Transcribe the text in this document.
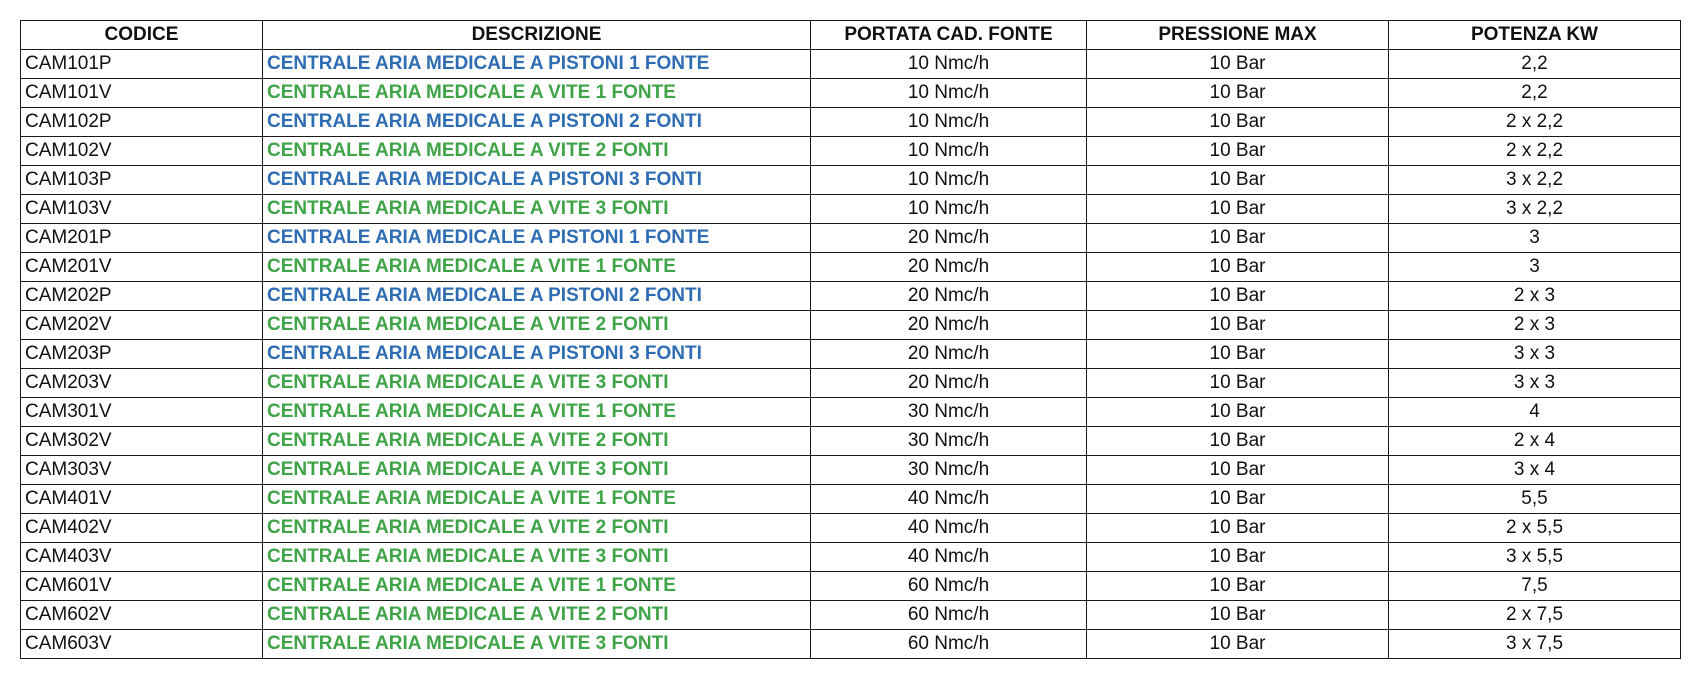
CODICE	DESCRIZIONE	PORTATA CAD. FONTE	PRESSIONE MAX	POTENZA KW
CAM101P	CENTRALE ARIA MEDICALE A PISTONI 1 FONTE	10 Nmc/h	10 Bar	2,2
CAM101V	CENTRALE ARIA MEDICALE A VITE 1 FONTE	10 Nmc/h	10 Bar	2,2
CAM102P	CENTRALE ARIA MEDICALE A PISTONI 2 FONTI	10 Nmc/h	10 Bar	2 x 2,2
CAM102V	CENTRALE ARIA MEDICALE A VITE 2 FONTI	10 Nmc/h	10 Bar	2 x 2,2
CAM103P	CENTRALE ARIA MEDICALE A PISTONI 3 FONTI	10 Nmc/h	10 Bar	3 x 2,2
CAM103V	CENTRALE ARIA MEDICALE A VITE 3 FONTI	10 Nmc/h	10 Bar	3 x 2,2
CAM201P	CENTRALE ARIA MEDICALE A PISTONI 1 FONTE	20 Nmc/h	10 Bar	3
CAM201V	CENTRALE ARIA MEDICALE A VITE 1 FONTE	20 Nmc/h	10 Bar	3
CAM202P	CENTRALE ARIA MEDICALE A PISTONI 2 FONTI	20 Nmc/h	10 Bar	2 x 3
CAM202V	CENTRALE ARIA MEDICALE A VITE 2 FONTI	20 Nmc/h	10 Bar	2 x 3
CAM203P	CENTRALE ARIA MEDICALE A PISTONI 3 FONTI	20 Nmc/h	10 Bar	3 x 3
CAM203V	CENTRALE ARIA MEDICALE A VITE 3 FONTI	20 Nmc/h	10 Bar	3 x 3
CAM301V	CENTRALE ARIA MEDICALE A VITE 1 FONTE	30 Nmc/h	10 Bar	4
CAM302V	CENTRALE ARIA MEDICALE A VITE 2 FONTI	30 Nmc/h	10 Bar	2 x 4
CAM303V	CENTRALE ARIA MEDICALE A VITE 3 FONTI	30 Nmc/h	10 Bar	3 x 4
CAM401V	CENTRALE ARIA MEDICALE A VITE 1 FONTE	40 Nmc/h	10 Bar	5,5
CAM402V	CENTRALE ARIA MEDICALE A VITE 2 FONTI	40 Nmc/h	10 Bar	2 x 5,5
CAM403V	CENTRALE ARIA MEDICALE A VITE 3 FONTI	40 Nmc/h	10 Bar	3 x 5,5
CAM601V	CENTRALE ARIA MEDICALE A VITE 1 FONTE	60 Nmc/h	10 Bar	7,5
CAM602V	CENTRALE ARIA MEDICALE A VITE 2 FONTI	60 Nmc/h	10 Bar	2 x 7,5
CAM603V	CENTRALE ARIA MEDICALE A VITE 3 FONTI	60 Nmc/h	10 Bar	3 x 7,5
